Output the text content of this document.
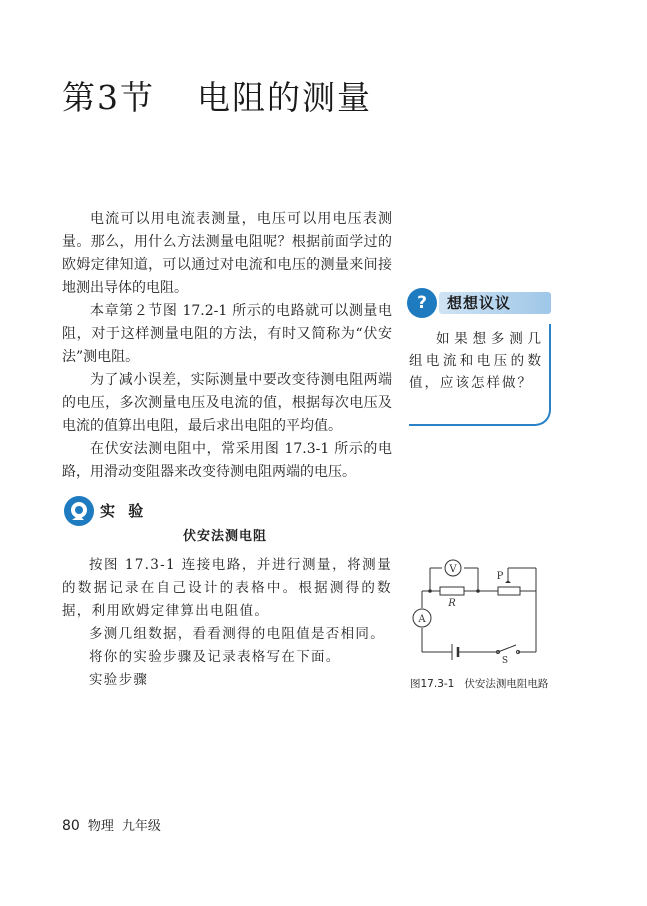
第3节 电阻的测量

电流可以用电流表测量，电压可以用电压表测量。那么，用什么方法测量电阻呢？根据前面学过的欧姆定律知道，可以通过对电流和电压的测量来间接地测出导体的电阻。

本章第２节图 17.2-1 所示的电路就可以测量电阻，对于这样测量电阻的方法，有时又简称为“伏安法”测电阻。

为了减小误差，实际测量中要改变待测电阻两端的电压，多次测量电压及电流的值，根据每次电压及电流的值算出电阻，最后求出电阻的平均值。

在伏安法测电阻中，常采用图 17.3-1 所示的电路，用滑动变阻器来改变待测电阻两端的电压。

?	想想议议

如果想多测几组电流和电压的数值，应该怎样做？

实 验
伏安法测电阻

按图 17.3-1 连接电路，并进行测量，将测量的数据记录在自己设计的表格中。根据测得的数据，利用欧姆定律算出电阻值。

多测几组数据，看看测得的电阻值是否相同。

将你的实验步骤及记录表格写在下面。

实验步骤

V
A
R
P
S
图17.3-1 伏安法测电阻电路
80 物理 九年级
